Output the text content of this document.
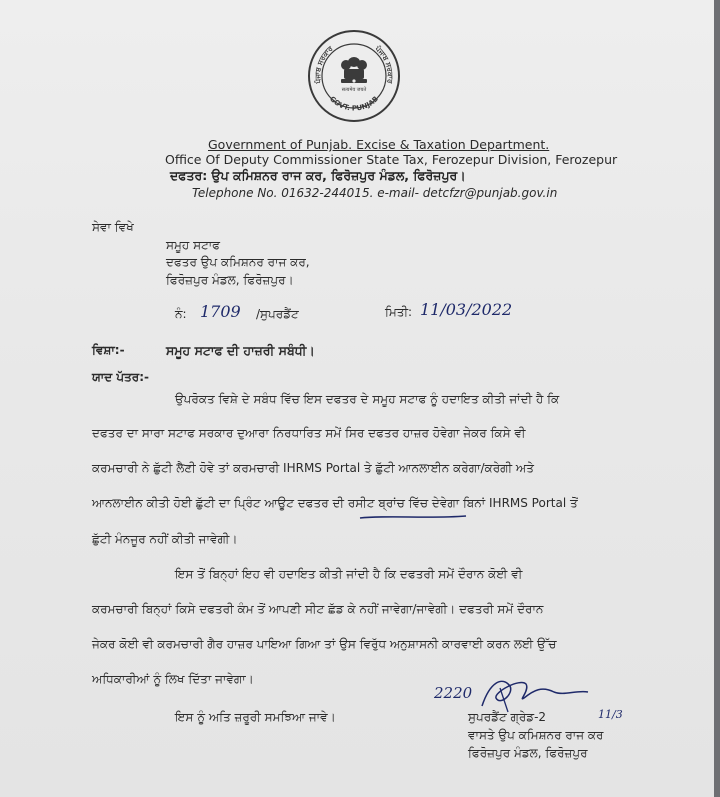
सत्यमेव जयते
ਪੰਜਾਬ ਸਰਕਾਰ	ਪੰਜਾਬ ਸਰਕਾਰ
GOVT. PUNJAB
Government of Punjab. Excise & Taxation Department.
Office Of Deputy Commissioner State Tax, Ferozepur Division, Ferozepur
ਦਫਤਰ: ਉਪ ਕਮਿਸ਼ਨਰ ਰਾਜ ਕਰ, ਫਿਰੋਜ਼ਪੁਰ ਮੰਡਲ, ਫਿਰੋਜ਼ਪੁਰ।
Telephone No. 01632-244015. e-mail- detcfzr@punjab.gov.in
ਸੇਵਾ ਵਿਖੇ
ਸਮੂਹ ਸਟਾਫ
ਦਫਤਰ ਉਪ ਕਮਿਸ਼ਨਰ ਰਾਜ ਕਰ,
ਫਿਰੋਜ਼ਪੁਰ ਮੰਡਲ, ਫਿਰੋਜ਼ਪੁਰ।
ਨੰ: 1709 /ਸੁਪਰਡੈਂਟ	ਮਿਤੀ: 11/03/2022
ਵਿਸ਼ਾ:-	ਸਮੂਹ ਸਟਾਫ ਦੀ ਹਾਜ਼ਰੀ ਸਬੰਧੀ।
ਯਾਦ ਪੱਤਰ:-
ਉਪਰੋਕਤ ਵਿਸ਼ੇ ਦੇ ਸਬੰਧ ਵਿੱਚ ਇਸ ਦਫਤਰ ਦੇ ਸਮੂਹ ਸਟਾਫ ਨੂੰ ਹਦਾਇਤ ਕੀਤੀ ਜਾਂਦੀ ਹੈ ਕਿ
ਦਫਤਰ ਦਾ ਸਾਰਾ ਸਟਾਫ ਸਰਕਾਰ ਦੁਆਰਾ ਨਿਰਧਾਰਿਤ ਸਮੇਂ ਸਿਰ ਦਫਤਰ ਹਾਜ਼ਰ ਹੋਵੇਗਾ ਜੇਕਰ ਕਿਸੇ ਵੀ
ਕਰਮਚਾਰੀ ਨੇ ਛੁੱਟੀ ਲੈਣੀ ਹੋਵੇ ਤਾਂ ਕਰਮਚਾਰੀ IHRMS Portal ਤੇ ਛੁੱਟੀ ਆਨਲਾਈਨ ਕਰੇਗਾ/ਕਰੇਗੀ ਅਤੇ
ਆਨਲਾਈਨ ਕੀਤੀ ਹੋਈ ਛੁੱਟੀ ਦਾ ਪ੍ਰਿੰਟ ਆਊਟ ਦਫਤਰ ਦੀ ਰਸੀਟ ਬ੍ਰਾਂਚ ਵਿੱਚ ਦੇਵੇਗਾ ਬਿਨਾਂ IHRMS Portal ਤੋਂ
ਛੁੱਟੀ ਮੰਨਜੂਰ ਨਹੀਂ ਕੀਤੀ ਜਾਵੇਗੀ।
ਇਸ ਤੋਂ ਬਿਨ੍ਹਾਂ ਇਹ ਵੀ ਹਦਾਇਤ ਕੀਤੀ ਜਾਂਦੀ ਹੈ ਕਿ ਦਫਤਰੀ ਸਮੇਂ ਦੌਰਾਨ ਕੋਈ ਵੀ
ਕਰਮਚਾਰੀ ਬਿਨ੍ਹਾਂ ਕਿਸੇ ਦਫਤਰੀ ਕੰਮ ਤੋਂ ਆਪਣੀ ਸੀਟ ਛੱਡ ਕੇ ਨਹੀਂ ਜਾਵੇਗਾ/ਜਾਵੇਗੀ। ਦਫਤਰੀ ਸਮੇਂ ਦੌਰਾਨ
ਜੇਕਰ ਕੋਈ ਵੀ ਕਰਮਚਾਰੀ ਗੈਰ ਹਾਜ਼ਰ ਪਾਇਆ ਗਿਆ ਤਾਂ ਉਸ ਵਿਰੁੱਧ ਅਨੁਸ਼ਾਸਨੀ ਕਾਰਵਾਈ ਕਰਨ ਲਈ ਉੱਚ
ਅਧਿਕਾਰੀਆਂ ਨੂੰ ਲਿਖ ਦਿੱਤਾ ਜਾਵੇਗਾ।
ਇਸ ਨੂੰ ਅਤਿ ਜ਼ਰੂਰੀ ਸਮਝਿਆ ਜਾਵੇ।
2220
11/3
ਸੁਪਰਡੈਂਟ ਗ੍ਰੇਡ-2
ਵਾਸਤੇ ਉਪ ਕਮਿਸ਼ਨਰ ਰਾਜ ਕਰ
ਫਿਰੋਜ਼ਪੁਰ ਮੰਡਲ, ਫਿਰੋਜ਼ਪੁਰ
